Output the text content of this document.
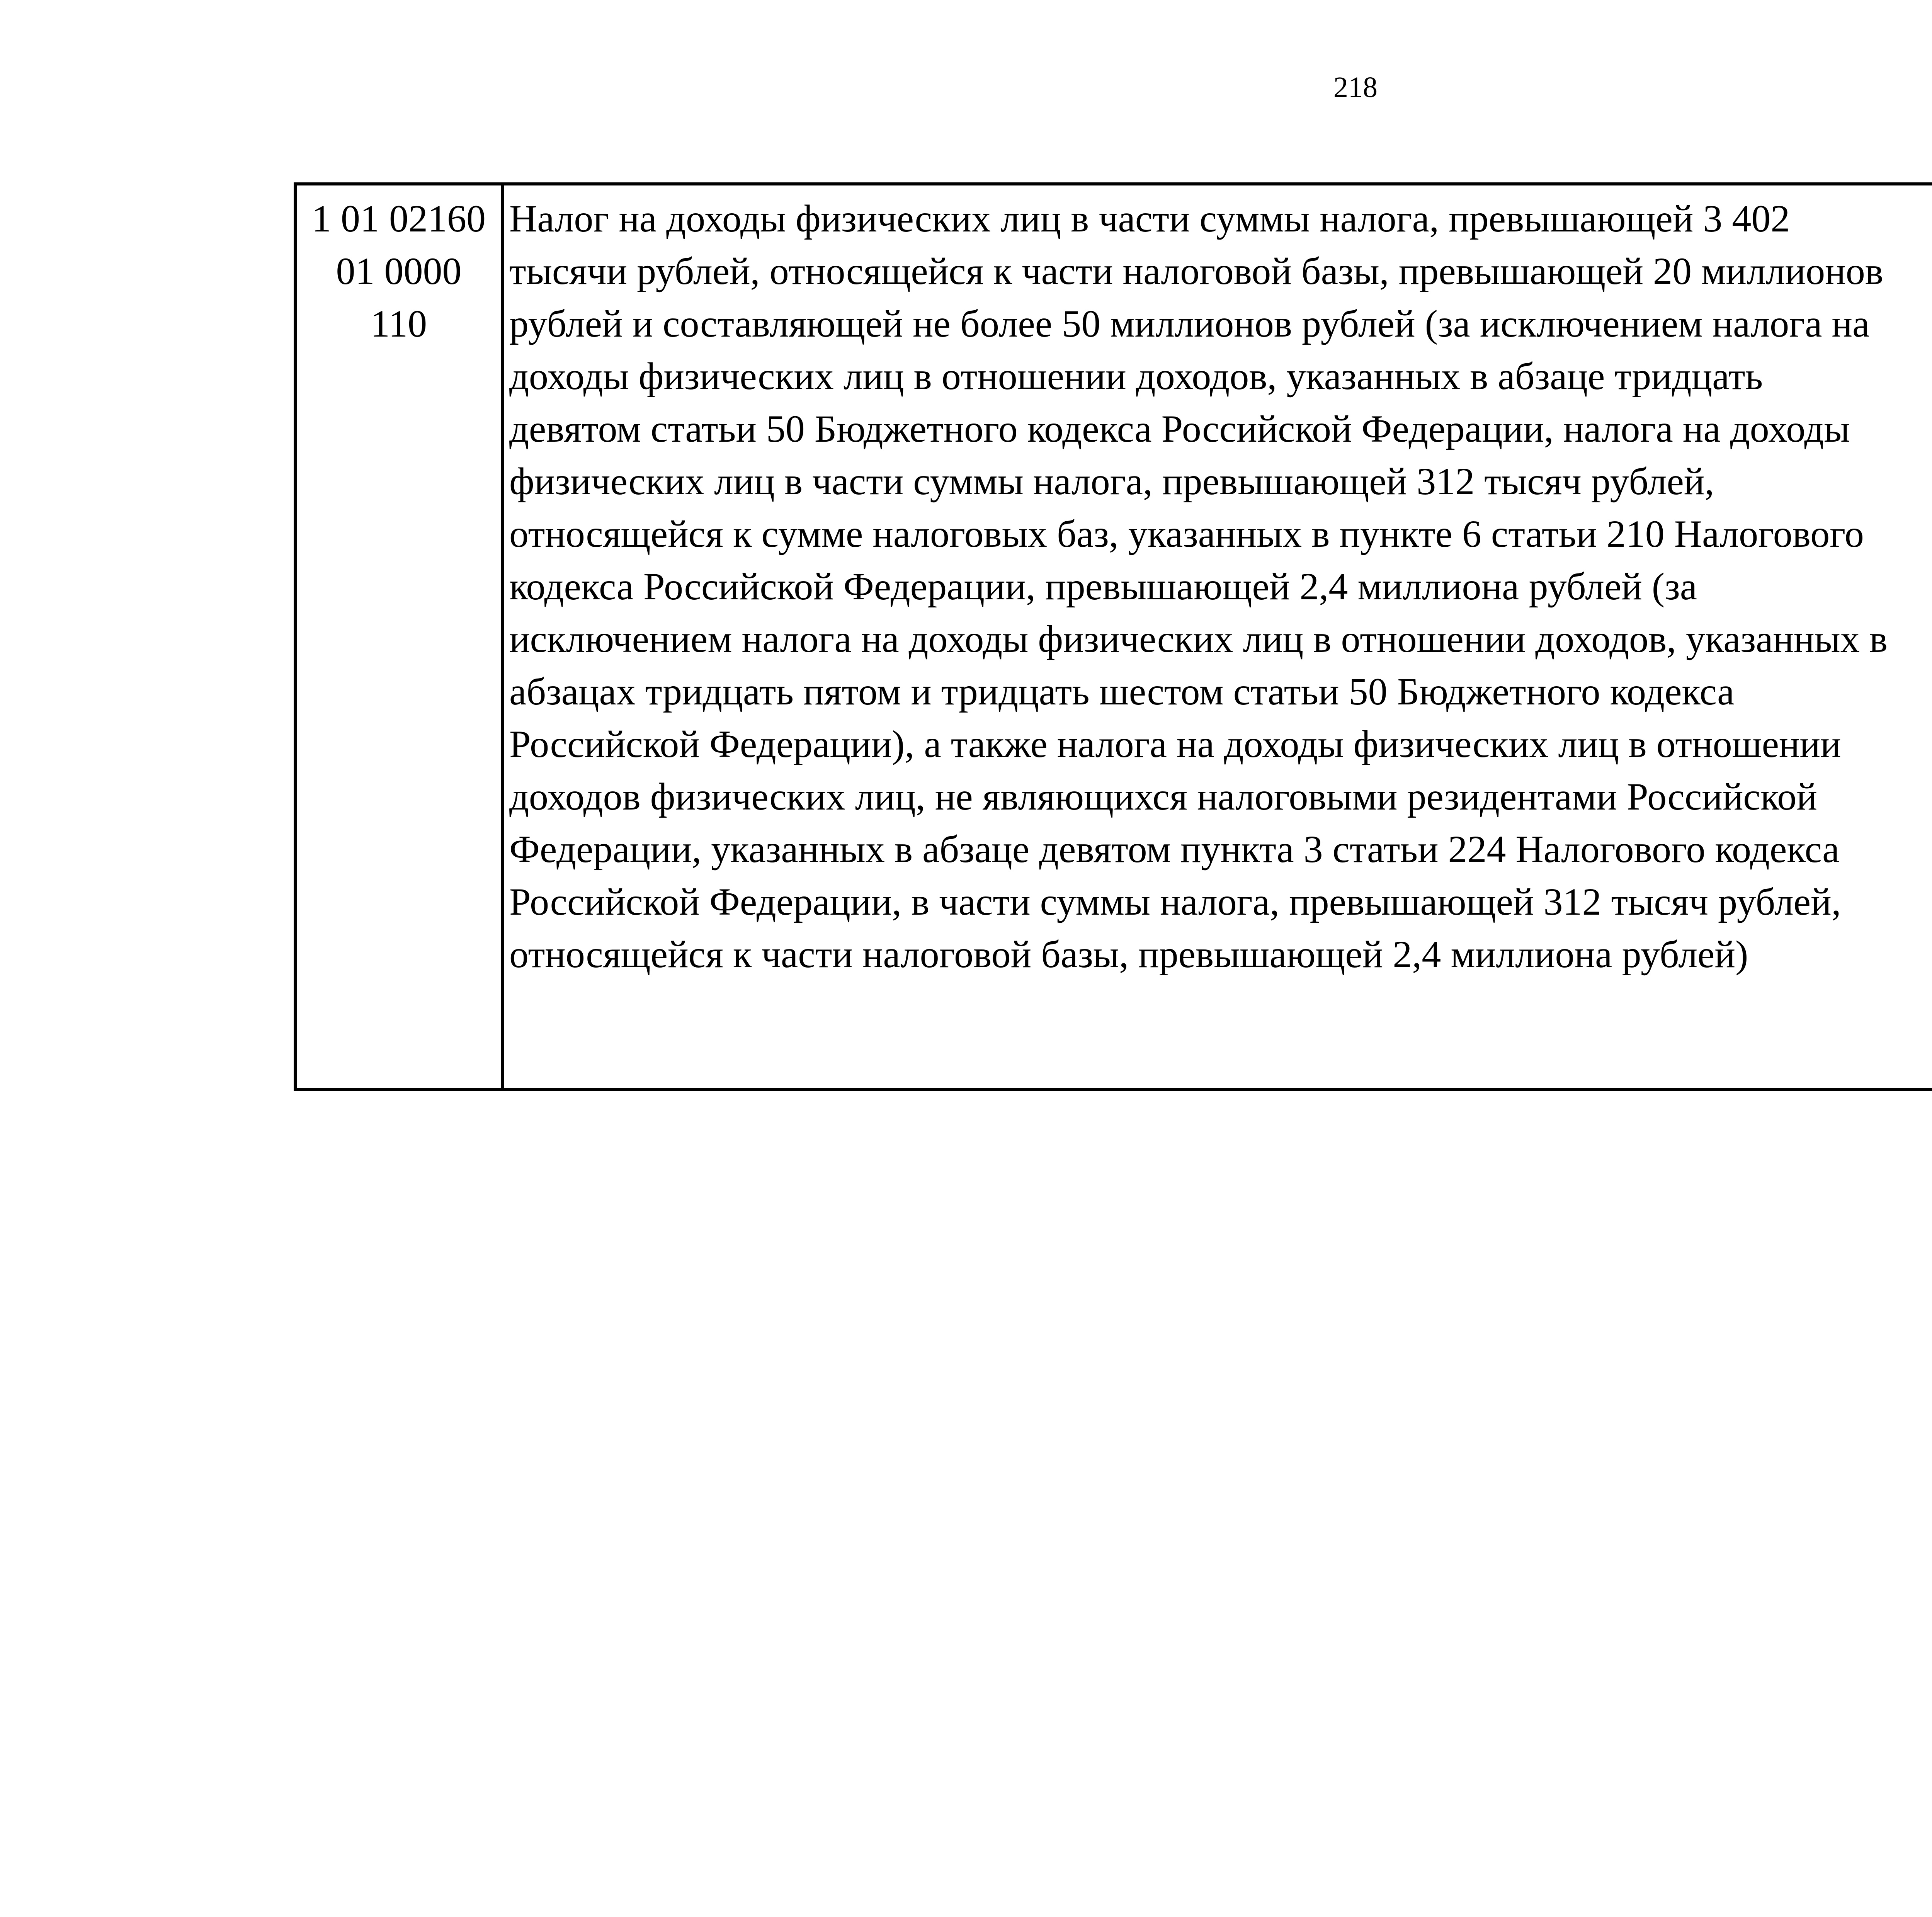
218
1 01 02160
01 0000
110

Налог на доходы физических лиц в части суммы налога, превышающей 3 402
тысячи рублей, относящейся к части налоговой базы, превышающей 20 миллионов
рублей и составляющей не более 50 миллионов рублей (за исключением налога на
доходы физических лиц в отношении доходов, указанных в абзаце тридцать
девятом статьи 50 Бюджетного кодекса Российской Федерации, налога на доходы
физических лиц в части суммы налога, превышающей 312 тысяч рублей,
относящейся к сумме налоговых баз, указанных в пункте 6 статьи 210 Налогового
кодекса Российской Федерации, превышающей 2,4 миллиона рублей (за
исключением налога на доходы физических лиц в отношении доходов, указанных в
абзацах тридцать пятом и тридцать шестом статьи 50 Бюджетного кодекса
Российской Федерации), а также налога на доходы физических лиц в отношении
доходов физических лиц, не являющихся налоговыми резидентами Российской
Федерации, указанных в абзаце девятом пункта 3 статьи 224 Налогового кодекса
Российской Федерации, в части суммы налога, превышающей 312 тысяч рублей,
относящейся к части налоговой базы, превышающей 2,4 миллиона рублей)
